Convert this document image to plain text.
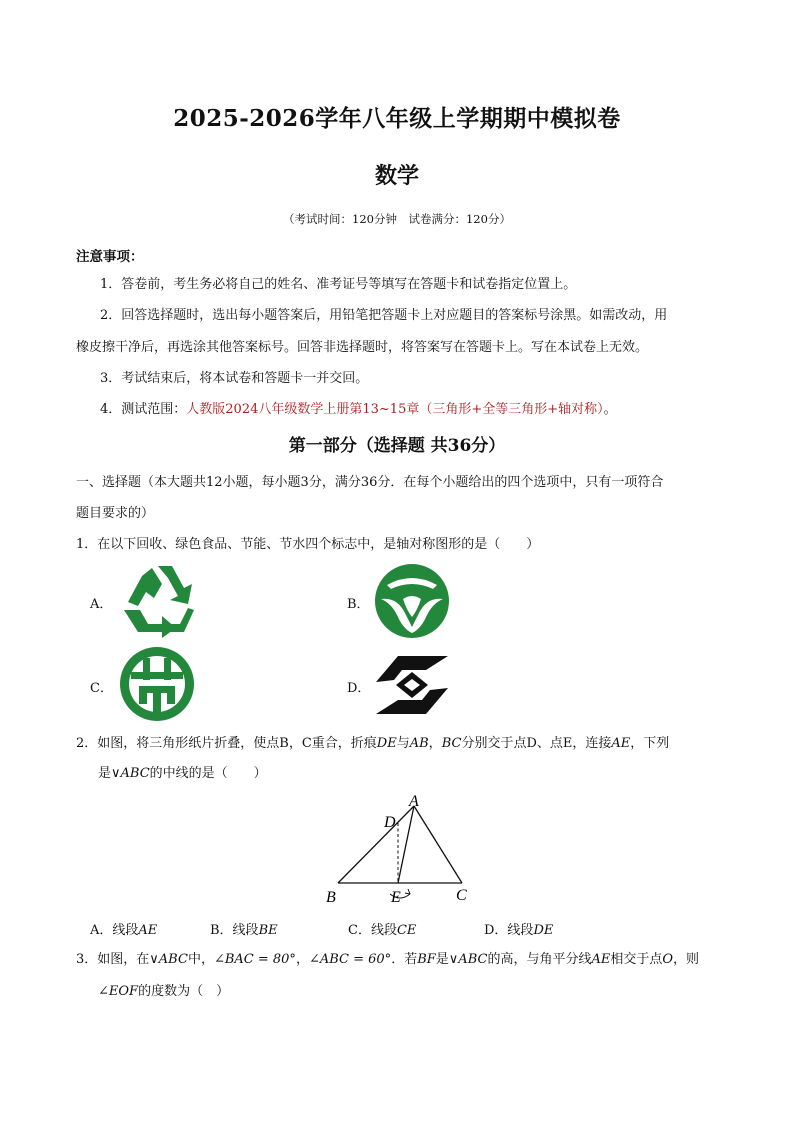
2025-2026学年八年级上学期期中模拟卷
数学
（考试时间：120分钟　试卷满分：120分）
注意事项：
1．答卷前，考生务必将自己的姓名、准考证号等填写在答题卡和试卷指定位置上。
2．回答选择题时，选出每小题答案后，用铅笔把答题卡上对应题目的答案标号涂黑。如需改动，用
橡皮擦干净后，再选涂其他答案标号。回答非选择题时，将答案写在答题卡上。写在本试卷上无效。
3．考试结束后，将本试卷和答题卡一并交回。
4．测试范围：人教版2024八年级数学上册第13~15章（三角形+全等三角形+轴对称）。
第一部分（选择题 共36分）
一、选择题（本大题共12小题，每小题3分，满分36分．在每个小题给出的四个选项中，只有一项符合
题目要求的）
1．在以下回收、绿色食品、节能、节水四个标志中，是轴对称图形的是（　　）
A．	B．
C．	D．
2．如图，将三角形纸片折叠，使点B，C重合，折痕DE与AB，BC分别交于点D、点E，连接AE，下列
是∨ABC的中线的是（　　）
A
D
B	E	C
A．线段AE	B．线段BE	C．线段CE	D．线段DE
3．如图，在∨ABC中，∠BAC = 80°，∠ABC = 60°．若BF是∨ABC的高，与角平分线AE相交于点O，则
∠EOF的度数为（　）
